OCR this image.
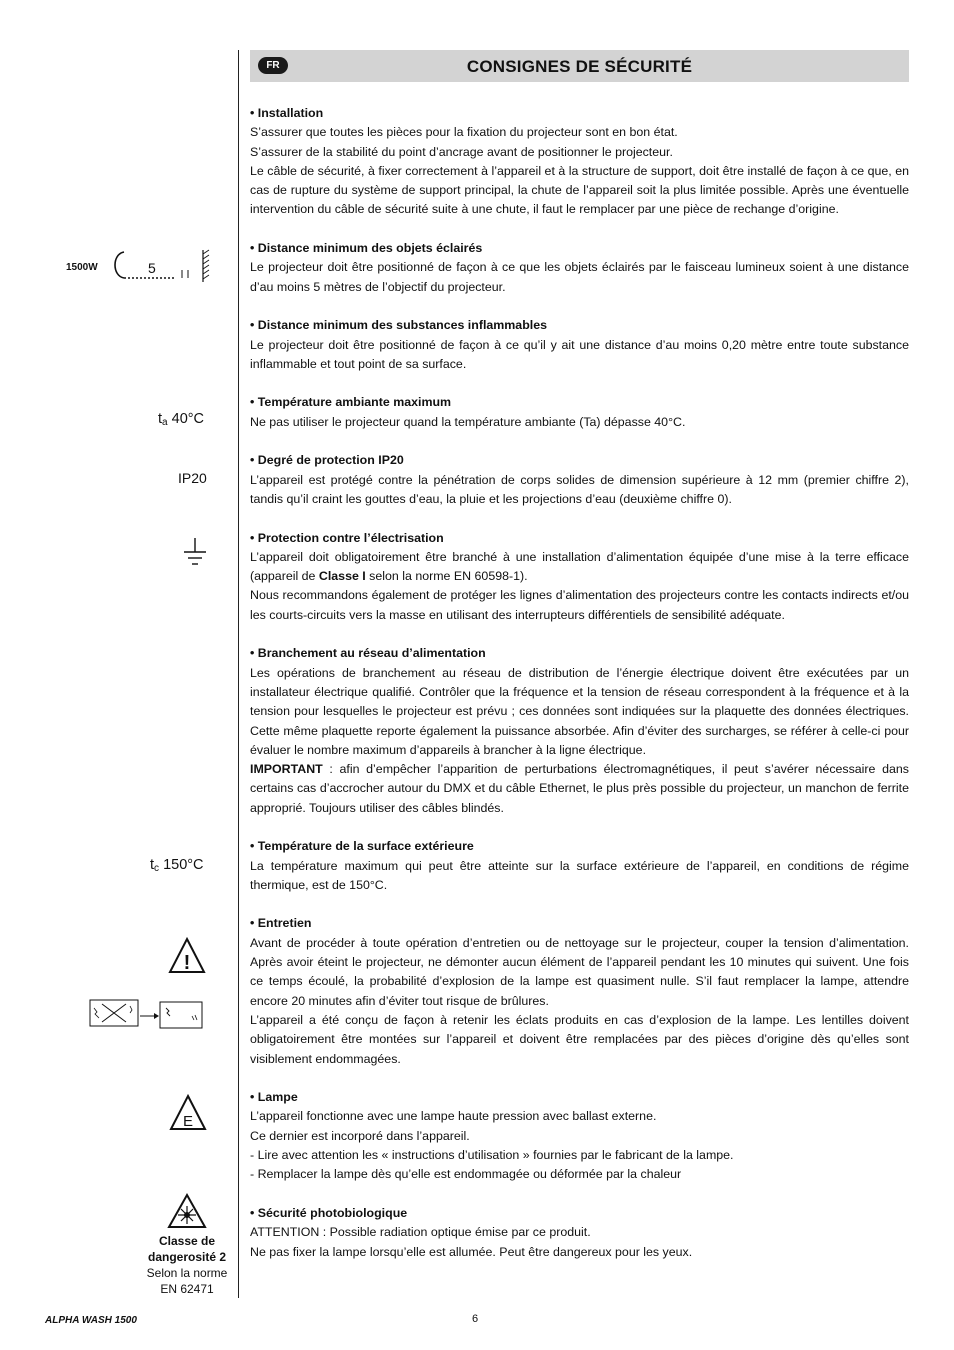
FR	CONSIGNES DE SÉCURITÉ
1500W	5
$t_a$ 40°C
IP20
$t_c$ 150°C
!
E
Classe de
dangerosité 2
Selon la norme
EN 62471

• Installation

S’assurer que toutes les pièces pour la fixation du projecteur sont en bon état.

S’assurer de la stabilité du point d’ancrage avant de positionner le projecteur.

Le câble de sécurité, à fixer correctement à l’appareil et à la structure de support, doit être installé de façon à ce que, en cas de rupture du système de support principal, la chute de l’appareil soit la plus limitée possible. Après une éventuelle intervention du câble de sécurité suite à une chute, il faut le remplacer par une pièce de rechange d’origine.

• Distance minimum des objets éclairés

Le projecteur doit être positionné de façon à ce que les objets éclairés par le faisceau lumineux soient à une distance d’au moins 5 mètres de l’objectif du projecteur.

• Distance minimum des substances inflammables

Le projecteur doit être positionné de façon à ce qu’il y ait une distance d’au moins 0,20 mètre entre toute substance inflammable et tout point de sa surface.

• Température ambiante maximum

Ne pas utiliser le projecteur quand la température ambiante (Ta) dépasse 40°C.

• Degré de protection IP20

L’appareil est protégé contre la pénétration de corps solides de dimension supérieure à 12 mm (premier chiffre 2), tandis qu’il craint les gouttes d’eau, la pluie et les projections d’eau (deuxième chiffre 0).

• Protection contre l’électrisation

L’appareil doit obligatoirement être branché à une installation d’alimentation équipée d’une mise à la terre efficace (appareil de Classe I selon la norme EN 60598-1).

Nous recommandons également de protéger les lignes d’alimentation des projecteurs contre les contacts indirects et/ou les courts-circuits vers la masse en utilisant des interrupteurs différentiels de sensibilité adéquate.

• Branchement au réseau d’alimentation

Les opérations de branchement au réseau de distribution de l’énergie électrique doivent être exécutées par un installateur électrique qualifié. Contrôler que la fréquence et la tension de réseau correspondent à la fréquence et à la tension pour lesquelles le projecteur est prévu ; ces données sont indiquées sur la plaquette des données électriques. Cette même plaquette reporte également la puissance absorbée. Afin d’éviter des surcharges, se référer à celle-ci pour évaluer le nombre maximum d’appareils à brancher à la ligne électrique.

IMPORTANT : afin d’empêcher l’apparition de perturbations électromagnétiques, il peut s’avérer nécessaire dans certains cas d’accrocher autour du DMX et du câble Ethernet, le plus près possible du projecteur, un manchon de ferrite approprié. Toujours utiliser des câbles blindés.

• Température de la surface extérieure

La température maximum qui peut être atteinte sur la surface extérieure de l’appareil, en conditions de régime thermique, est de 150°C.

• Entretien

Avant de procéder à toute opération d’entretien ou de nettoyage sur le projecteur, couper la tension d’alimentation. Après avoir éteint le projecteur, ne démonter aucun élément de l’appareil pendant les 10 minutes qui suivent. Une fois ce temps écoulé, la probabilité d’explosion de la lampe est quasiment nulle. S’il faut remplacer la lampe, attendre encore 20 minutes afin d’éviter tout risque de brûlures.

L’appareil a été conçu de façon à retenir les éclats produits en cas d’explosion de la lampe. Les lentilles doivent obligatoirement être montées sur l’appareil et doivent être remplacées par des pièces d’origine dès qu’elles sont visiblement endommagées.

• Lampe

L’appareil fonctionne avec une lampe haute pression avec ballast externe.

Ce dernier est incorporé dans l’appareil.

- Lire avec attention les « instructions d’utilisation » fournies par le fabricant de la lampe.

- Remplacer la lampe dès qu’elle est endommagée ou déformée par la chaleur

• Sécurité photobiologique

ATTENTION : Possible radiation optique émise par ce produit.

Ne pas fixer la lampe lorsqu’elle est allumée. Peut être dangereux pour les yeux.

ALPHA WASH 1500	6
